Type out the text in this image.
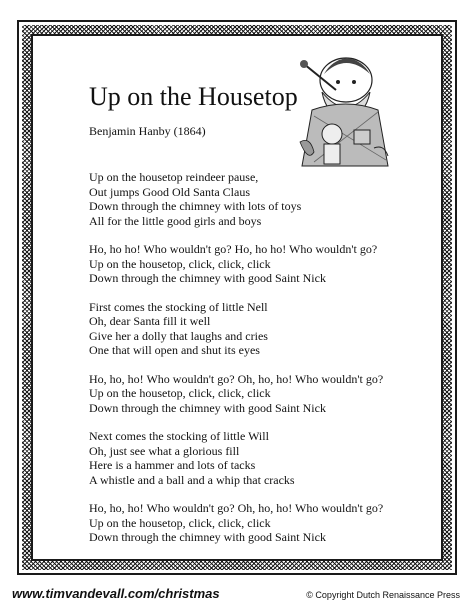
Up on the Housetop
Benjamin Hanby (1864)
Up on the housetop reindeer pause,
Out jumps Good Old Santa Claus
Down through the chimney with lots of toys
All for the little good girls and boys
Ho, ho ho! Who wouldn't go? Ho, ho ho! Who wouldn't go?
Up on the housetop, click, click, click
Down through the chimney with good Saint Nick
First comes the stocking of little Nell
Oh, dear Santa fill it well
Give her a dolly that laughs and cries
One that will open and shut its eyes
Ho, ho, ho! Who wouldn't go? Oh, ho, ho! Who wouldn't go?
Up on the housetop, click, click, click
Down through the chimney with good Saint Nick
Next comes the stocking of little Will
Oh, just see what a glorious fill
Here is a hammer and lots of tacks
A whistle and a ball and a whip that cracks
Ho, ho, ho! Who wouldn't go? Oh, ho, ho! Who wouldn't go?
Up on the housetop, click, click, click
Down through the chimney with good Saint Nick
www.timvandevall.com/christmas	© Copyright Dutch Renaissance Press
